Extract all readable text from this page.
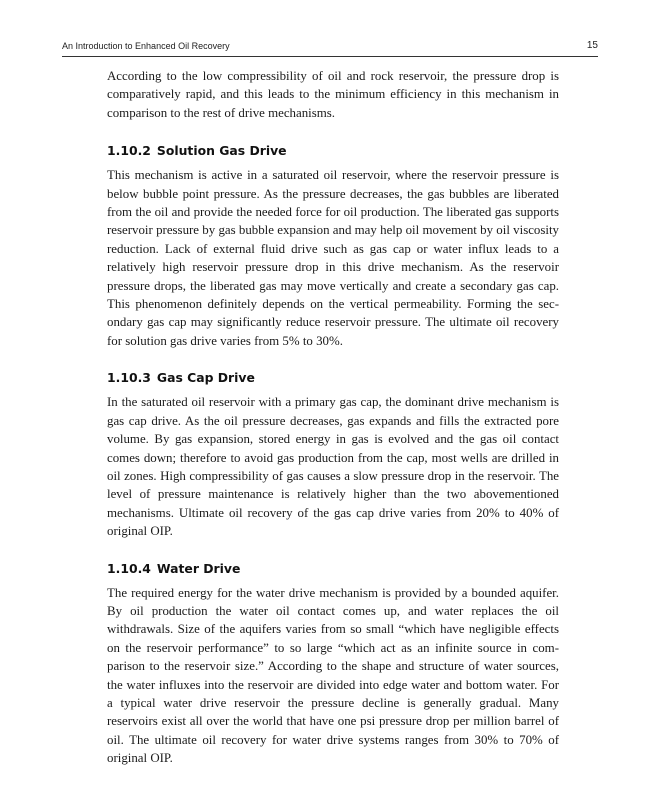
An Introduction to Enhanced Oil Recovery	15

According to the low compressibility of oil and rock reservoir, the pressure drop is comparatively rapid, and this leads to the minimum efficiency in this mechanism in comparison to the rest of drive mechanisms.

1.10.2 Solution Gas Drive

This mechanism is active in a saturated oil reservoir, where the reservoir pressure is below bubble point pressure. As the pressure decreases, the gas bubbles are liberated from the oil and provide the needed force for oil production. The liberated gas supports reservoir pressure by gas bubble expansion and may help oil movement by oil viscosity reduction. Lack of external fluid drive such as gas cap or water influx leads to a relatively high reservoir pressure drop in this drive mechanism. As the reservoir pressure drops, the liberated gas may move vertically and create a secondary gas cap. This phenomenon definitely depends on the vertical permeability. Forming the secondary gas cap may significantly reduce reservoir pressure. The ultimate oil recovery for solution gas drive varies from 5% to 30%.

1.10.3 Gas Cap Drive

In the saturated oil reservoir with a primary gas cap, the dominant drive mechanism is gas cap drive. As the oil pressure decreases, gas expands and fills the extracted pore volume. By gas expansion, stored energy in gas is evolved and the gas oil contact comes down; therefore to avoid gas production from the cap, most wells are drilled in oil zones. High compressibility of gas causes a slow pressure drop in the reservoir. The level of pressure maintenance is relatively higher than the two abovementioned mechanisms. Ultimate oil recovery of the gas cap drive varies from 20% to 40% of original OIP.

1.10.4 Water Drive

The required energy for the water drive mechanism is provided by a bounded aquifer. By oil production the water oil contact comes up, and water replaces the oil withdrawals. Size of the aquifers varies from so small “which have negligible effects on the reservoir performance” to so large “which act as an infinite source in comparison to the reservoir size.” According to the shape and structure of water sources, the water influxes into the reservoir are divided into edge water and bottom water. For a typical water drive reservoir the pressure decline is generally gradual. Many reservoirs exist all over the world that have one psi pressure drop per million barrel of oil. The ultimate oil recovery for water drive systems ranges from 30% to 70% of original OIP.
